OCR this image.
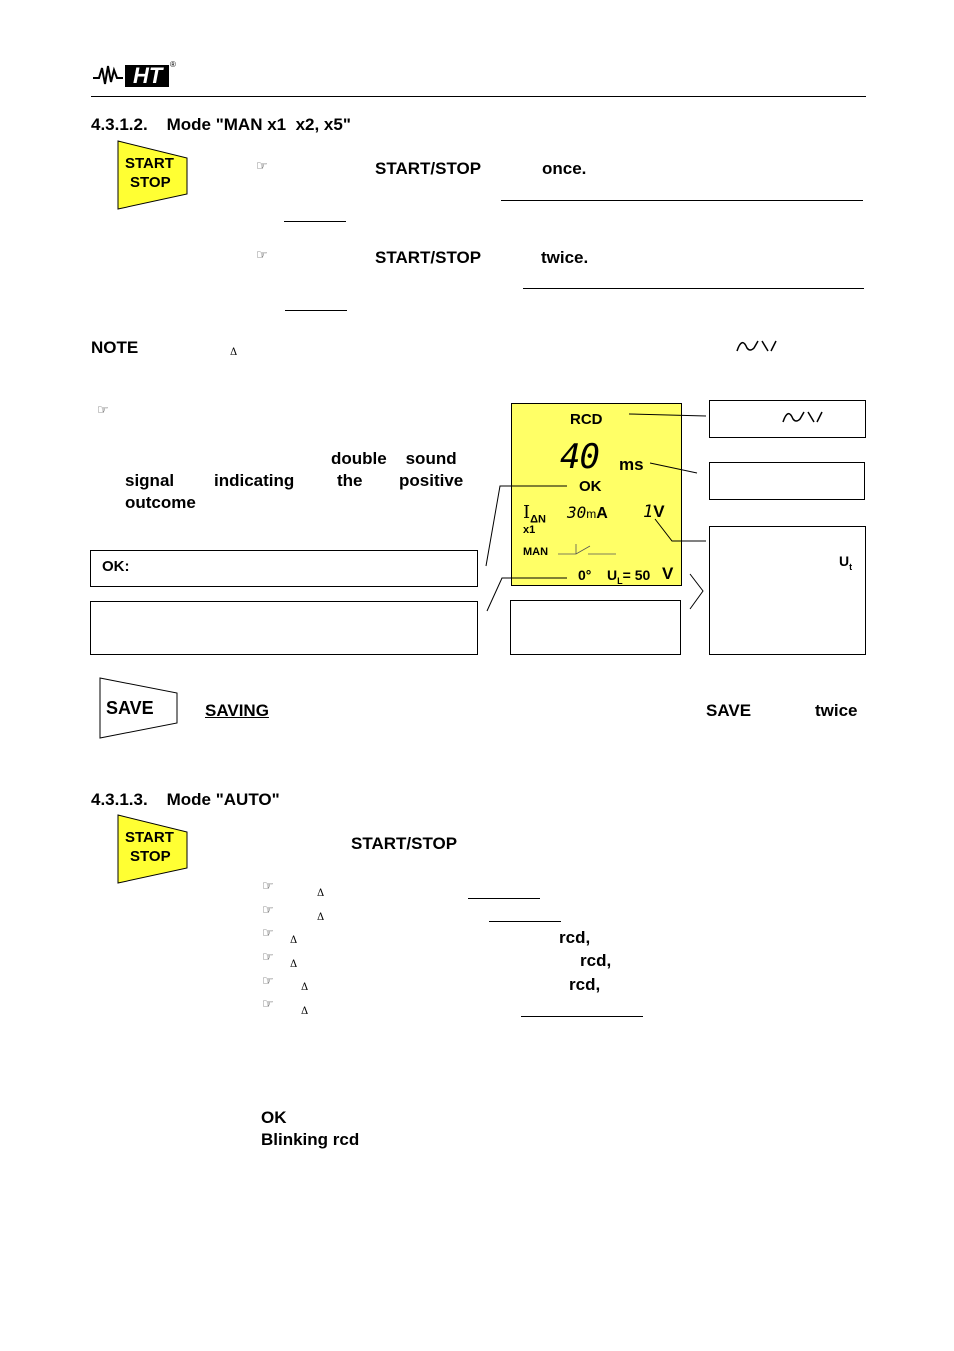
HT ®
4.3.1.2.    Mode "MAN x1  x2, x5"
START
STOP
☞	START/STOP	once.
☞	START/STOP	twice.
NOTE	Δ
☞
double    sound
signal indicating	the positive
outcome
OK:	$U_t$
RCD
40 ms
OK
$I_{\Delta N}$
x1
30mA 1V
MAN
0° $U_L= 50$ V
SAVE	SAVING	SAVE	twice
4.3.1.3.    Mode "AUTO"
START
STOP
START/STOP
☞	Δ
☞	Δ
☞ Δ	rcd,
☞ Δ	rcd,
☞	Δ	rcd,
☞	Δ
OK
Blinking rcd
